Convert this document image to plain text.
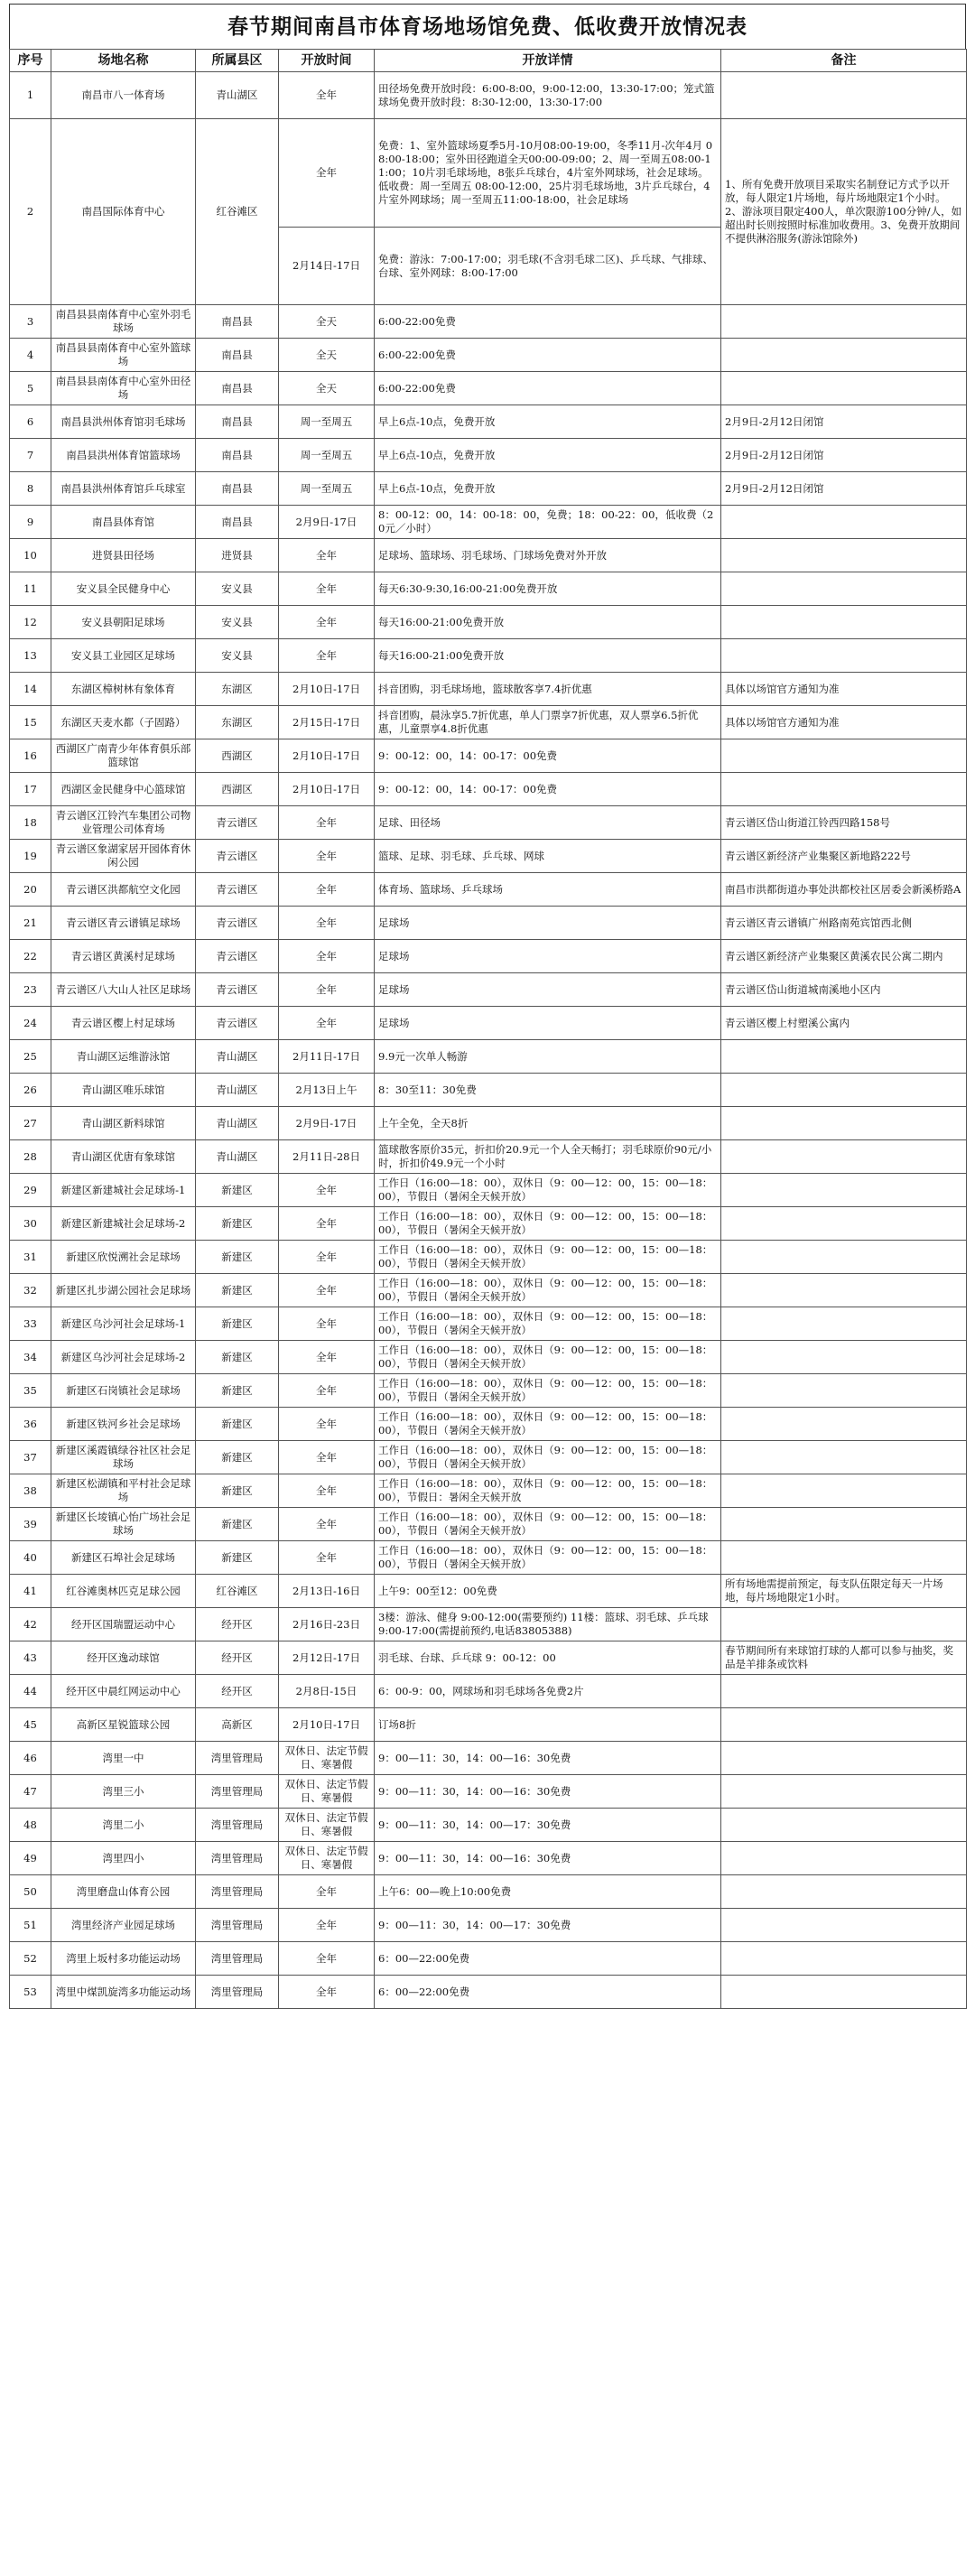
春节期间南昌市体育场地场馆免费、低收费开放情况表
序号	场地名称	所属县区	开放时间	开放详情	备注
1	南昌市八一体育场	青山湖区	全年	田径场免费开放时段：6:00-8:00，9:00-12:00，13:30-17:00；笼式篮球场免费开放时段：8:30-12:00，13:30-17:00	
2	南昌国际体育中心	红谷滩区	全年	免费：1、室外篮球场夏季5月-10月08:00-19:00，冬季11月-次年4月 08:00-18:00；室外田径跑道全天00:00-09:00；2、周一至周五08:00-11:00；10片羽毛球场地，8张乒乓球台，4片室外网球场，社会足球场。低收费：周一至周五 08:00-12:00，25片羽毛球场地，3片乒乓球台，4片室外网球场；周一至周五11:00-18:00，社会足球场	1、所有免费开放项目采取实名制登记方式予以开放，每人限定1片场地，每片场地限定1个小时。2、游泳项目限定400人，单次限游100分钟/人，如超出时长则按照时标准加收费用。3、免费开放期间不提供淋浴服务(游泳馆除外)
			2月14日-17日	免费：游泳：7:00-17:00；羽毛球(不含羽毛球二区)、乒乓球、气排球、台球、室外网球：8:00-17:00	
3	南昌县县南体育中心室外羽毛球场	南昌县	全天	6:00-22:00免费	
4	南昌县县南体育中心室外篮球场	南昌县	全天	6:00-22:00免费	
5	南昌县县南体育中心室外田径场	南昌县	全天	6:00-22:00免费	
6	南昌县洪州体育馆羽毛球场	南昌县	周一至周五	早上6点-10点，免费开放	2月9日-2月12日闭馆
7	南昌县洪州体育馆篮球场	南昌县	周一至周五	早上6点-10点，免费开放	2月9日-2月12日闭馆
8	南昌县洪州体育馆乒乓球室	南昌县	周一至周五	早上6点-10点，免费开放	2月9日-2月12日闭馆
9	南昌县体育馆	南昌县	2月9日-17日	8：00-12：00，14：00-18：00，免费；18：00-22：00，低收费（20元／小时）	
10	进贤县田径场	进贤县	全年	足球场、篮球场、羽毛球场、门球场免费对外开放	
11	安义县全民健身中心	安义县	全年	每天6:30-9:30,16:00-21:00免费开放	
12	安义县朝阳足球场	安义县	全年	每天16:00-21:00免费开放	
13	安义县工业园区足球场	安义县	全年	每天16:00-21:00免费开放	
14	东湖区樟树林有象体育	东湖区	2月10日-17日	抖音团购，羽毛球场地，篮球散客享7.4折优惠	具体以场馆官方通知为准
15	东湖区天麦水都（子固路）	东湖区	2月15日-17日	抖音团购，晨泳享5.7折优惠，单人门票享7折优惠，双人票享6.5折优惠，儿童票享4.8折优惠	具体以场馆官方通知为准
16	西湖区广南青少年体育俱乐部篮球馆	西湖区	2月10日-17日	9：00-12：00，14：00-17：00免费	
17	西湖区金民健身中心篮球馆	西湖区	2月10日-17日	9：00-12：00，14：00-17：00免费	
18	青云谱区江铃汽车集团公司物业管理公司体育场	青云谱区	全年	足球、田径场	青云谱区岱山街道江铃西四路158号
19	青云谱区象湖家居开园体育休闲公园	青云谱区	全年	篮球、足球、羽毛球、乒乓球、网球	青云谱区新经济产业集聚区新地路222号
20	青云谱区洪都航空文化园	青云谱区	全年	体育场、篮球场、乒乓球场	南昌市洪都街道办事处洪都校社区居委会新溪桥路A
21	青云谱区青云谱镇足球场	青云谱区	全年	足球场	青云谱区青云谱镇广州路南苑宾馆西北侧
22	青云谱区黄溪村足球场	青云谱区	全年	足球场	青云谱区新经济产业集聚区黄溪农民公寓二期内
23	青云谱区八大山人社区足球场	青云谱区	全年	足球场	青云谱区岱山街道城南溪地小区内
24	青云谱区樱上村足球场	青云谱区	全年	足球场	青云谱区樱上村塑溪公寓内
25	青山湖区运维游泳馆	青山湖区	2月11日-17日	9.9元一次单人畅游	
26	青山湖区唯乐球馆	青山湖区	2月13日上午	8：30至11：30免费	
27	青山湖区新料球馆	青山湖区	2月9日-17日	上午全免，全天8折	
28	青山湖区优唐有象球馆	青山湖区	2月11日-28日	篮球散客原价35元，折扣价20.9元一个人全天畅打；羽毛球原价90元/小时，折扣价49.9元一个小时	
29	新建区新建城社会足球场-1	新建区	全年	工作日（16:00—18：00），双休日（9：00—12：00，15：00—18：00），节假日（暑闲全天候开放）	
30	新建区新建城社会足球场-2	新建区	全年	工作日（16:00—18：00），双休日（9：00—12：00，15：00—18：00），节假日（暑闲全天候开放）	
31	新建区欣悦溯社会足球场	新建区	全年	工作日（16:00—18：00），双休日（9：00—12：00，15：00—18：00），节假日（暑闲全天候开放）	
32	新建区扎步湖公园社会足球场	新建区	全年	工作日（16:00—18：00），双休日（9：00—12：00，15：00—18：00），节假日（暑闲全天候开放）	
33	新建区乌沙河社会足球场-1	新建区	全年	工作日（16:00—18：00），双休日（9：00—12：00，15：00—18：00），节假日（暑闲全天候开放）	
34	新建区乌沙河社会足球场-2	新建区	全年	工作日（16:00—18：00），双休日（9：00—12：00，15：00—18：00），节假日（暑闲全天候开放）	
35	新建区石岗镇社会足球场	新建区	全年	工作日（16:00—18：00），双休日（9：00—12：00，15：00—18：00），节假日（暑闲全天候开放）	
36	新建区铁河乡社会足球场	新建区	全年	工作日（16:00—18：00），双休日（9：00—12：00，15：00—18：00），节假日（暑闲全天候开放）	
37	新建区溪霞镇绿谷社区社会足球场	新建区	全年	工作日（16:00—18：00），双休日（9：00—12：00，15：00—18：00），节假日（暑闲全天候开放）	
38	新建区松湖镇和平村社会足球场	新建区	全年	工作日（16:00—18：00），双休日（9：00—12：00，15：00—18：00），节假日：暑闲全天候开放	
39	新建区长堎镇心怡广场社会足球场	新建区	全年	工作日（16:00—18：00），双休日（9：00—12：00，15：00—18：00），节假日（暑闲全天候开放）	
40	新建区石埠社会足球场	新建区	全年	工作日（16:00—18：00），双休日（9：00—12：00，15：00—18：00），节假日（暑闲全天候开放）	
41	红谷滩奥林匹克足球公园	红谷滩区	2月13日-16日	上午9：00至12：00免费	所有场地需提前预定，每支队伍限定每天一片场地，每片场地限定1小时。
42	经开区国瑞盟运动中心	经开区	2月16日-23日	3楼：游泳、健身 9:00-12:00(需要预约) 11楼：篮球、羽毛球、乒乓球9:00-17:00(需提前预约,电话83805388)	
43	经开区逸动球馆	经开区	2月12日-17日	羽毛球、台球、乒乓球 9：00-12：00	春节期间所有来球馆打球的人都可以参与抽奖，奖品是羊排条或饮料
44	经开区中晨红网运动中心	经开区	2月8日-15日	6：00-9：00，网球场和羽毛球场各免费2片	
45	高新区星锐篮球公园	高新区	2月10日-17日	订场8折	
46	湾里一中	湾里管理局	双休日、法定节假日、寒暑假	9：00—11：30，14：00—16：30免费	
47	湾里三小	湾里管理局	双休日、法定节假日、寒暑假	9：00—11：30，14：00—16：30免费	
48	湾里二小	湾里管理局	双休日、法定节假日、寒暑假	9：00—11：30，14：00—17：30免费	
49	湾里四小	湾里管理局	双休日、法定节假日、寒暑假	9：00—11：30，14：00—16：30免费	
50	湾里磨盘山体育公园	湾里管理局	全年	上午6：00—晚上10:00免费	
51	湾里经济产业园足球场	湾里管理局	全年	9：00—11：30，14：00—17：30免费	
52	湾里上坂村多功能运动场	湾里管理局	全年	6：00—22:00免费	
53	湾里中煤凯旋湾多功能运动场	湾里管理局	全年	6：00—22:00免费	
